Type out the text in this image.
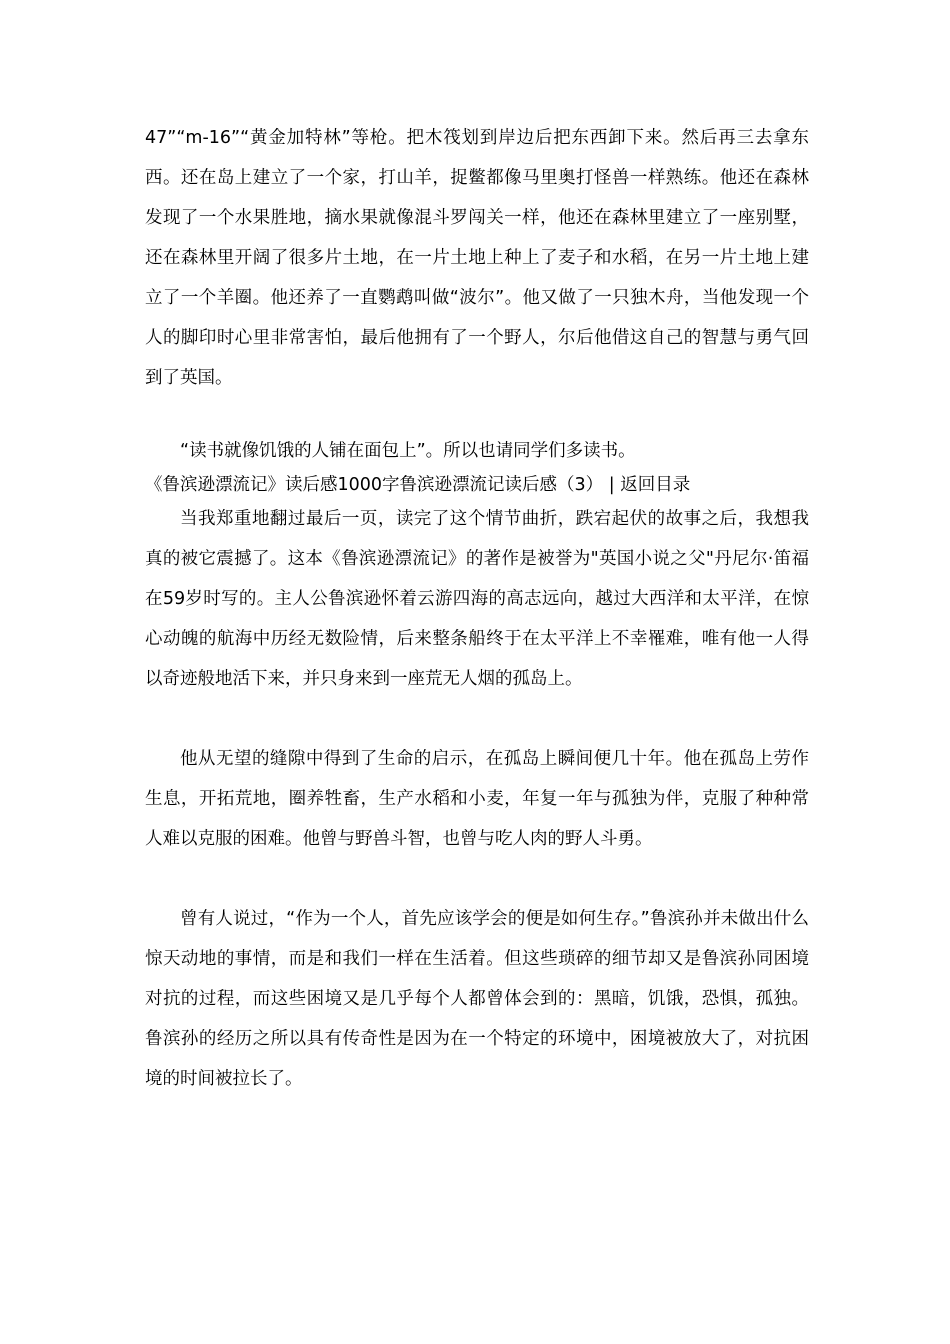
47”“m-16”“黄金加特林”等枪。把木筏划到岸边后把东西卸下来。然后再三去拿东西。还在岛上建立了一个家，打山羊，捉鳖都像马里奥打怪兽一样熟练。他还在森林发现了一个水果胜地，摘水果就像混斗罗闯关一样，他还在森林里建立了一座别墅，还在森林里开阔了很多片土地，在一片土地上种上了麦子和水稻，在另一片土地上建立了一个羊圈。他还养了一直鹦鹉叫做“波尔”。他又做了一只独木舟，当他发现一个人的脚印时心里非常害怕，最后他拥有了一个野人，尔后他借这自己的智慧与勇气回到了英国。

“读书就像饥饿的人铺在面包上”。所以也请同学们多读书。

《鲁滨逊漂流记》读后感1000字鲁滨逊漂流记读后感（3） | 返回目录

当我郑重地翻过最后一页，读完了这个情节曲折，跌宕起伏的故事之后，我想我真的被它震撼了。这本《鲁滨逊漂流记》的著作是被誉为"英国小说之父"丹尼尔·笛福在59岁时写的。主人公鲁滨逊怀着云游四海的高志远向，越过大西洋和太平洋，在惊心动魄的航海中历经无数险情，后来整条船终于在太平洋上不幸罹难，唯有他一人得以奇迹般地活下来，并只身来到一座荒无人烟的孤岛上。

他从无望的缝隙中得到了生命的启示，在孤岛上瞬间便几十年。他在孤岛上劳作生息，开拓荒地，圈养牲畜，生产水稻和小麦，年复一年与孤独为伴，克服了种种常人难以克服的困难。他曾与野兽斗智，也曾与吃人肉的野人斗勇。

曾有人说过，“作为一个人，首先应该学会的便是如何生存。”鲁滨孙并未做出什么惊天动地的事情，而是和我们一样在生活着。但这些琐碎的细节却又是鲁滨孙同困境对抗的过程，而这些困境又是几乎每个人都曾体会到的：黑暗，饥饿，恐惧，孤独。鲁滨孙的经历之所以具有传奇性是因为在一个特定的环境中，困境被放大了，对抗困境的时间被拉长了。
